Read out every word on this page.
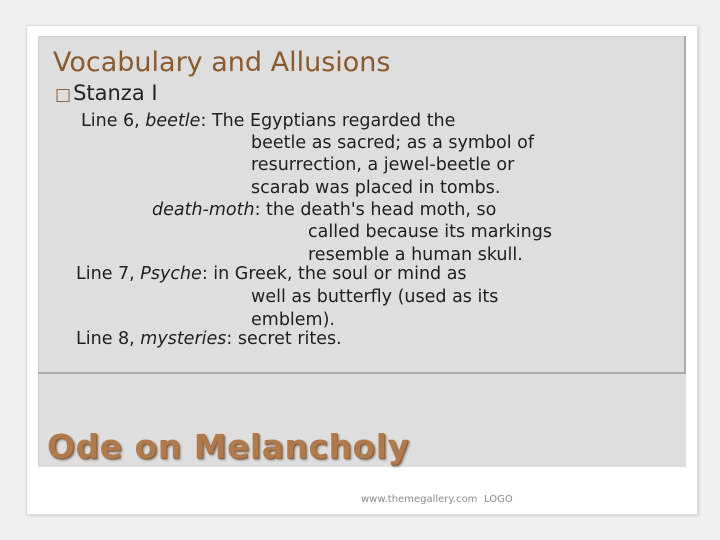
Vocabulary and Allusions
□Stanza I
Line 6, beetle: The Egyptians regarded the
beetle as sacred; as a symbol of
resurrection, a jewel-beetle or
scarab was placed in tombs.
death-moth: the death's head moth, so
called because its markings
resemble a human skull.
Line 7, Psyche: in Greek, the soul or mind as
well as butterfly (used as its
emblem).
Line 8, mysteries: secret rites.
Ode on Melancholy
www.themegallery.com LOGO
